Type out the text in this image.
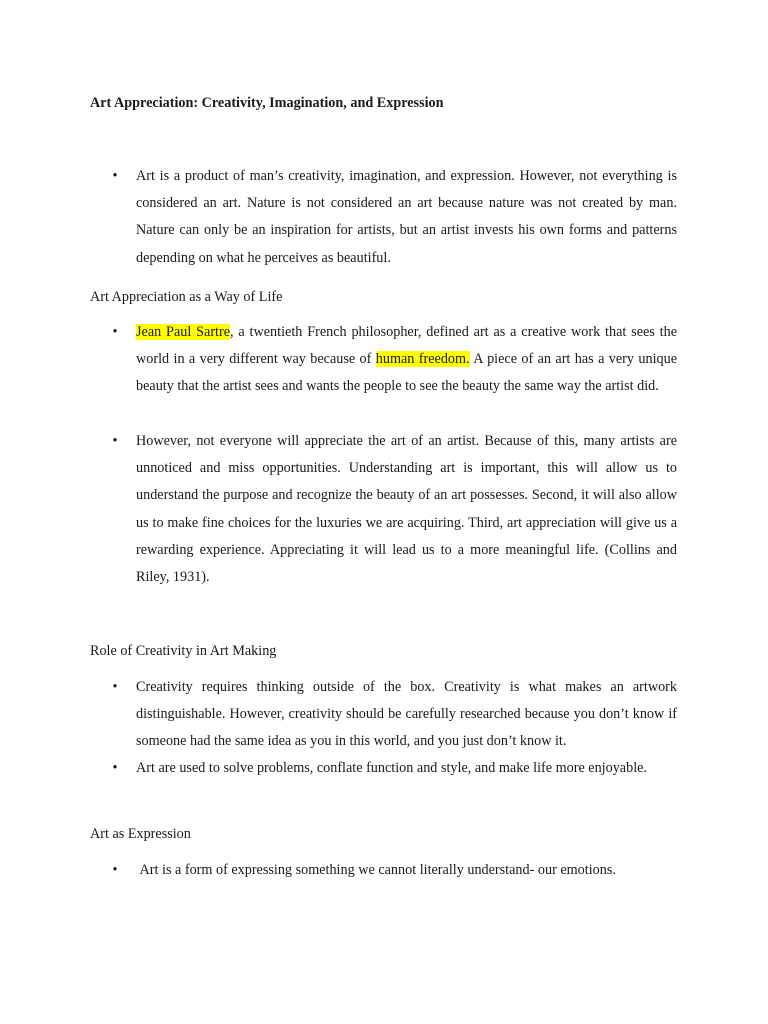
Art Appreciation: Creativity, Imagination, and Expression
• Art is a product of man’s creativity, imagination, and expression. However, not everything is considered an art. Nature is not considered an art because nature was not created by man. Nature can only be an inspiration for artists, but an artist invests his own forms and patterns depending on what he perceives as beautiful.
Art Appreciation as a Way of Life
• Jean Paul Sartre, a twentieth French philosopher, defined art as a creative work that sees the world in a very different way because of human freedom. A piece of an art has a very unique beauty that the artist sees and wants the people to see the beauty the same way the artist did.
• However, not everyone will appreciate the art of an artist. Because of this, many artists are unnoticed and miss opportunities. Understanding art is important, this will allow us to understand the purpose and recognize the beauty of an art possesses. Second, it will also allow us to make fine choices for the luxuries we are acquiring. Third, art appreciation will give us a rewarding experience. Appreciating it will lead us to a more meaningful life. (Collins and Riley, 1931).
Role of Creativity in Art Making
• Creativity requires thinking outside of the box. Creativity is what makes an artwork distinguishable. However, creativity should be carefully researched because you don’t know if someone had the same idea as you in this world, and you just don’t know it.
• Art are used to solve problems, conflate function and style, and make life more enjoyable.
Art as Expression
• Art is a form of expressing something we cannot literally understand- our emotions.
